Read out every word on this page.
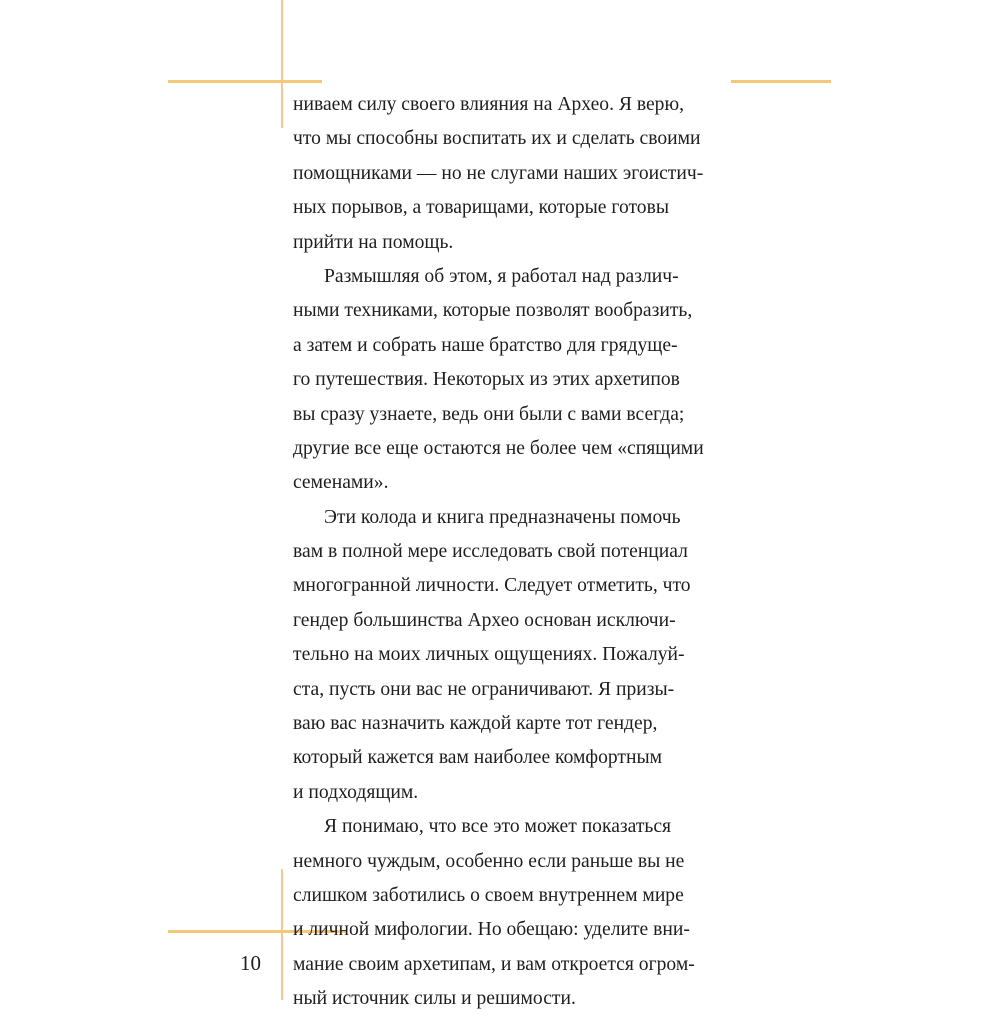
ниваем силу своего влияния на Архео. Я верю,
что мы способны воспитать их и сделать своими
помощниками — но не слугами наших эгоистич-
ных порывов, а товарищами, которые готовы
прийти на помощь.
Размышляя об этом, я работал над различ-
ными техниками, которые позволят вообразить,
а затем и собрать наше братство для грядуще-
го путешествия. Некоторых из этих архетипов
вы сразу узнаете, ведь они были с вами всегда;
другие все еще остаются не более чем «спящими
семенами».
Эти колода и книга предназначены помочь
вам в полной мере исследовать свой потенциал
многогранной личности. Следует отметить, что
гендер большинства Архео основан исключи-
тельно на моих личных ощущениях. Пожалуй-
ста, пусть они вас не ограничивают. Я призы-
ваю вас назначить каждой карте тот гендер,
который кажется вам наиболее комфортным
и подходящим.
Я понимаю, что все это может показаться
немного чуждым, особенно если раньше вы не
слишком заботились о своем внутреннем мире
и личной мифологии. Но обещаю: уделите вни-
мание своим архетипам, и вам откроется огром-
ный источник силы и решимости.
10
